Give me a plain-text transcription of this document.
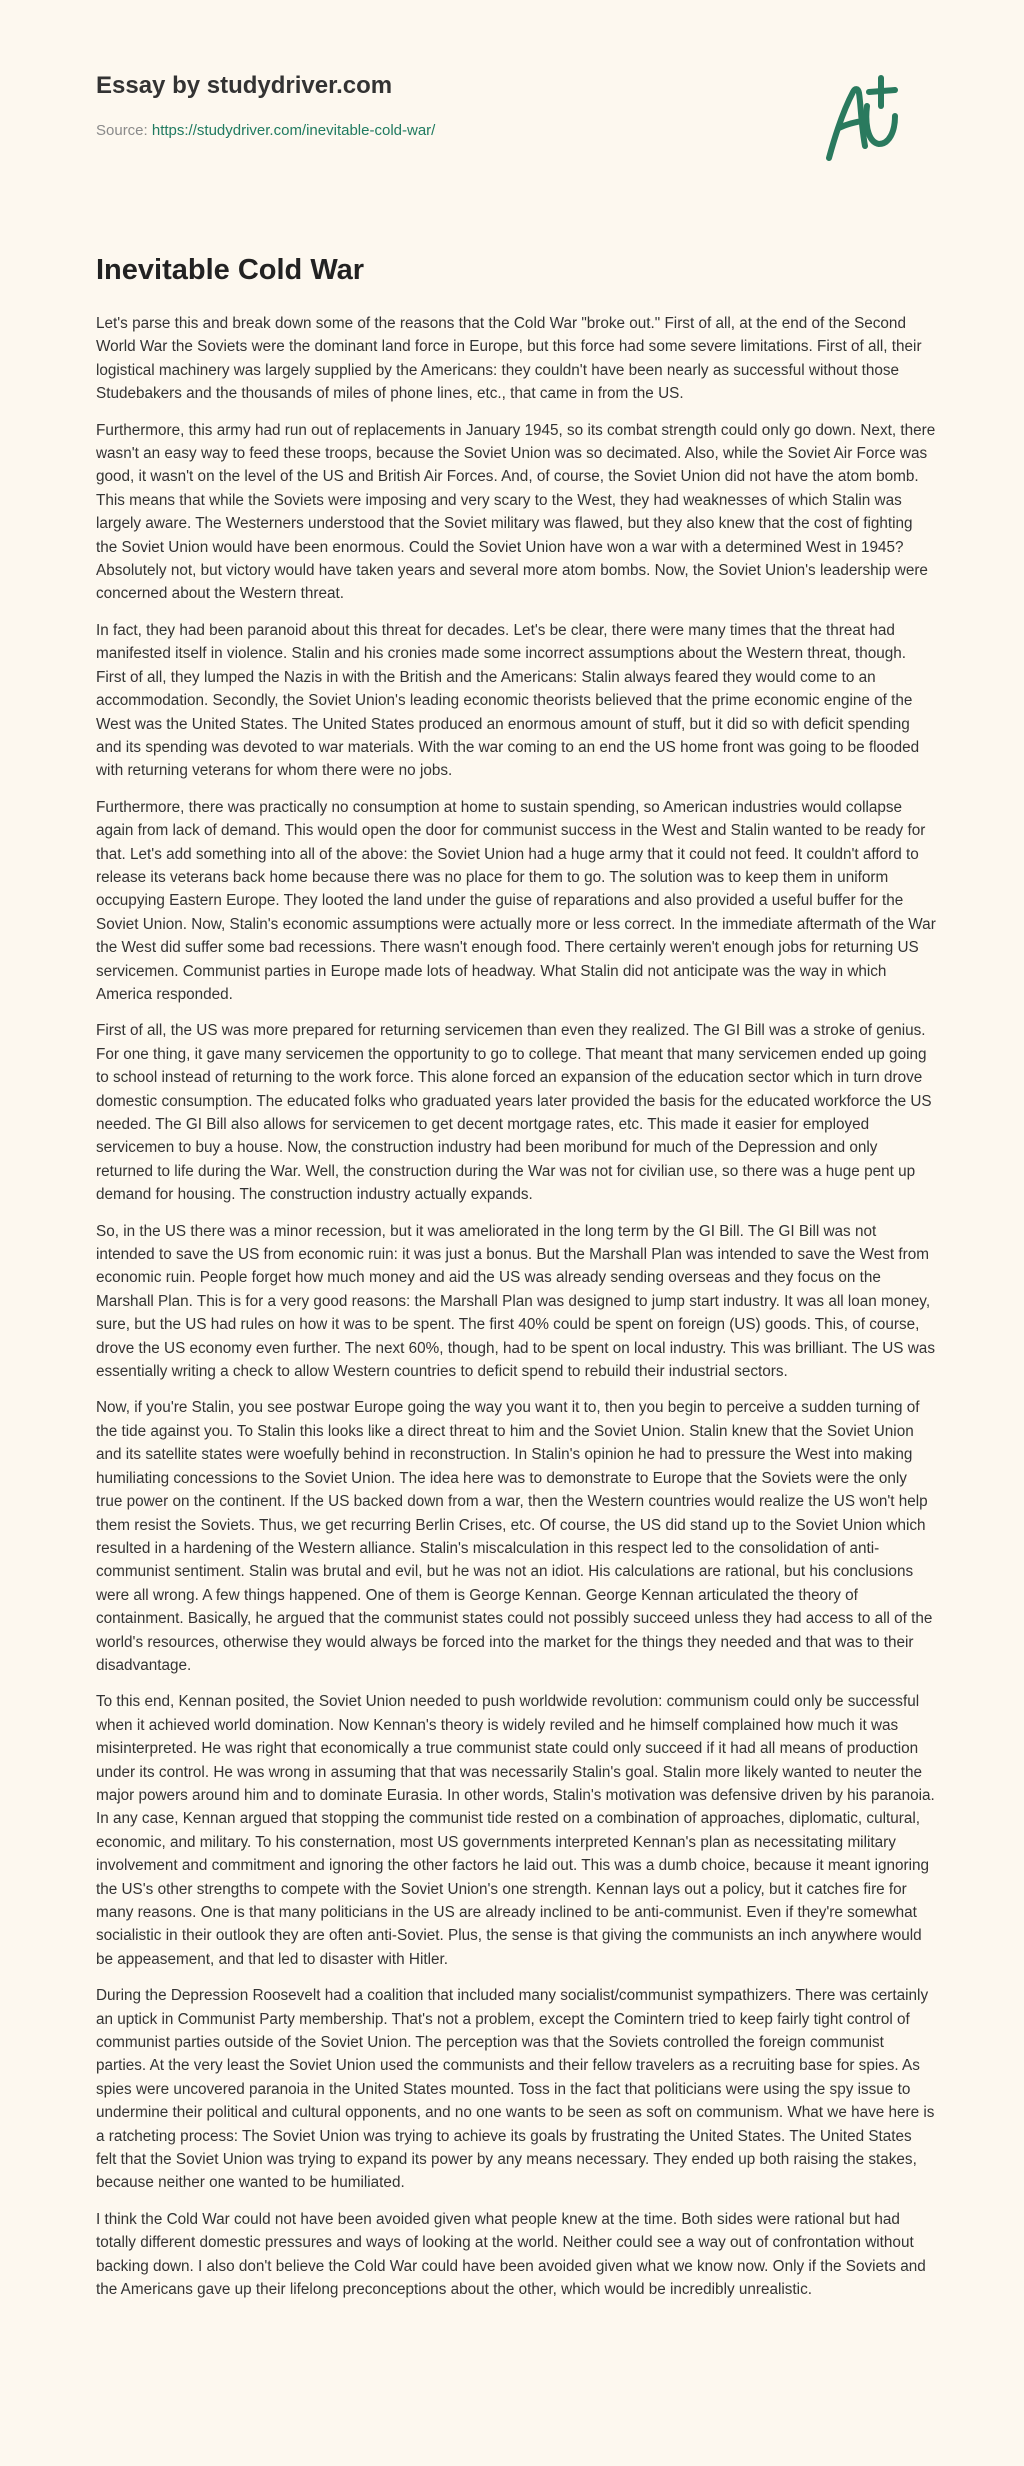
Essay by studydriver.com
Source: https://studydriver.com/inevitable-cold-war/
Inevitable Cold War

Let's parse this and break down some of the reasons that the Cold War "broke out." First of all, at the end of the Second World War the Soviets were the dominant land force in Europe, but this force had some severe limitations. First of all, their logistical machinery was largely supplied by the Americans: they couldn't have been nearly as successful without those Studebakers and the thousands of miles of phone lines, etc., that came in from the US.

Furthermore, this army had run out of replacements in January 1945, so its combat strength could only go down. Next, there wasn't an easy way to feed these troops, because the Soviet Union was so decimated. Also, while the Soviet Air Force was good, it wasn't on the level of the US and British Air Forces. And, of course, the Soviet Union did not have the atom bomb. This means that while the Soviets were imposing and very scary to the West, they had weaknesses of which Stalin was largely aware. The Westerners understood that the Soviet military was flawed, but they also knew that the cost of fighting the Soviet Union would have been enormous. Could the Soviet Union have won a war with a determined West in 1945? Absolutely not, but victory would have taken years and several more atom bombs. Now, the Soviet Union's leadership were concerned about the Western threat.

In fact, they had been paranoid about this threat for decades. Let's be clear, there were many times that the threat had manifested itself in violence. Stalin and his cronies made some incorrect assumptions about the Western threat, though. First of all, they lumped the Nazis in with the British and the Americans: Stalin always feared they would come to an accommodation. Secondly, the Soviet Union's leading economic theorists believed that the prime economic engine of the West was the United States. The United States produced an enormous amount of stuff, but it did so with deficit spending and its spending was devoted to war materials. With the war coming to an end the US home front was going to be flooded with returning veterans for whom there were no jobs.

Furthermore, there was practically no consumption at home to sustain spending, so American industries would collapse again from lack of demand. This would open the door for communist success in the West and Stalin wanted to be ready for that. Let's add something into all of the above: the Soviet Union had a huge army that it could not feed. It couldn't afford to release its veterans back home because there was no place for them to go. The solution was to keep them in uniform occupying Eastern Europe. They looted the land under the guise of reparations and also provided a useful buffer for the Soviet Union. Now, Stalin's economic assumptions were actually more or less correct. In the immediate aftermath of the War the West did suffer some bad recessions. There wasn't enough food. There certainly weren't enough jobs for returning US servicemen. Communist parties in Europe made lots of headway. What Stalin did not anticipate was the way in which America responded.

First of all, the US was more prepared for returning servicemen than even they realized. The GI Bill was a stroke of genius. For one thing, it gave many servicemen the opportunity to go to college. That meant that many servicemen ended up going to school instead of returning to the work force. This alone forced an expansion of the education sector which in turn drove domestic consumption. The educated folks who graduated years later provided the basis for the educated workforce the US needed. The GI Bill also allows for servicemen to get decent mortgage rates, etc. This made it easier for employed servicemen to buy a house. Now, the construction industry had been moribund for much of the Depression and only returned to life during the War. Well, the construction during the War was not for civilian use, so there was a huge pent up demand for housing. The construction industry actually expands.

So, in the US there was a minor recession, but it was ameliorated in the long term by the GI Bill. The GI Bill was not intended to save the US from economic ruin: it was just a bonus. But the Marshall Plan was intended to save the West from economic ruin. People forget how much money and aid the US was already sending overseas and they focus on the Marshall Plan. This is for a very good reasons: the Marshall Plan was designed to jump start industry. It was all loan money, sure, but the US had rules on how it was to be spent. The first 40% could be spent on foreign (US) goods. This, of course, drove the US economy even further. The next 60%, though, had to be spent on local industry. This was brilliant. The US was essentially writing a check to allow Western countries to deficit spend to rebuild their industrial sectors.

Now, if you're Stalin, you see postwar Europe going the way you want it to, then you begin to perceive a sudden turning of the tide against you. To Stalin this looks like a direct threat to him and the Soviet Union. Stalin knew that the Soviet Union and its satellite states were woefully behind in reconstruction. In Stalin's opinion he had to pressure the West into making humiliating concessions to the Soviet Union. The idea here was to demonstrate to Europe that the Soviets were the only true power on the continent. If the US backed down from a war, then the Western countries would realize the US won't help them resist the Soviets. Thus, we get recurring Berlin Crises, etc. Of course, the US did stand up to the Soviet Union which resulted in a hardening of the Western alliance. Stalin's miscalculation in this respect led to the consolidation of anti-communist sentiment. Stalin was brutal and evil, but he was not an idiot. His calculations are rational, but his conclusions were all wrong. A few things happened. One of them is George Kennan. George Kennan articulated the theory of containment. Basically, he argued that the communist states could not possibly succeed unless they had access to all of the world's resources, otherwise they would always be forced into the market for the things they needed and that was to their disadvantage.

To this end, Kennan posited, the Soviet Union needed to push worldwide revolution: communism could only be successful when it achieved world domination. Now Kennan's theory is widely reviled and he himself complained how much it was misinterpreted. He was right that economically a true communist state could only succeed if it had all means of production under its control. He was wrong in assuming that that was necessarily Stalin's goal. Stalin more likely wanted to neuter the major powers around him and to dominate Eurasia. In other words, Stalin's motivation was defensive driven by his paranoia. In any case, Kennan argued that stopping the communist tide rested on a combination of approaches, diplomatic, cultural, economic, and military. To his consternation, most US governments interpreted Kennan's plan as necessitating military involvement and commitment and ignoring the other factors he laid out. This was a dumb choice, because it meant ignoring the US's other strengths to compete with the Soviet Union's one strength. Kennan lays out a policy, but it catches fire for many reasons. One is that many politicians in the US are already inclined to be anti-communist. Even if they're somewhat socialistic in their outlook they are often anti-Soviet. Plus, the sense is that giving the communists an inch anywhere would be appeasement, and that led to disaster with Hitler.

During the Depression Roosevelt had a coalition that included many socialist/communist sympathizers. There was certainly an uptick in Communist Party membership. That's not a problem, except the Comintern tried to keep fairly tight control of communist parties outside of the Soviet Union. The perception was that the Soviets controlled the foreign communist parties. At the very least the Soviet Union used the communists and their fellow travelers as a recruiting base for spies. As spies were uncovered paranoia in the United States mounted. Toss in the fact that politicians were using the spy issue to undermine their political and cultural opponents, and no one wants to be seen as soft on communism. What we have here is a ratcheting process: The Soviet Union was trying to achieve its goals by frustrating the United States. The United States felt that the Soviet Union was trying to expand its power by any means necessary. They ended up both raising the stakes, because neither one wanted to be humiliated.

I think the Cold War could not have been avoided given what people knew at the time. Both sides were rational but had totally different domestic pressures and ways of looking at the world. Neither could see a way out of confrontation without backing down. I also don't believe the Cold War could have been avoided given what we know now. Only if the Soviets and the Americans gave up their lifelong preconceptions about the other, which would be incredibly unrealistic.
